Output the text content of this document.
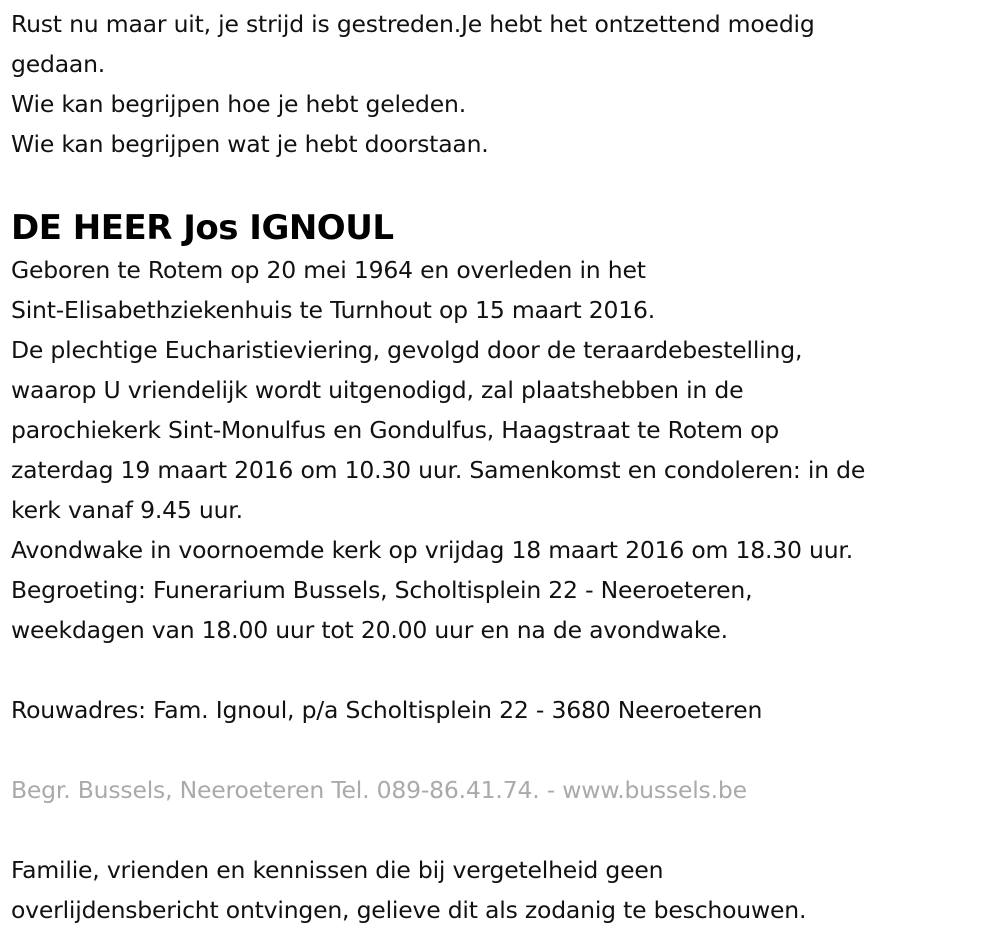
Rust nu maar uit, je strijd is gestreden.Je hebt het ontzettend moedig
gedaan.
Wie kan begrijpen hoe je hebt geleden.
Wie kan begrijpen wat je hebt doorstaan.
DE HEER Jos IGNOUL
Geboren te Rotem op 20 mei 1964 en overleden in het
Sint-Elisabethziekenhuis te Turnhout op 15 maart 2016.
De plechtige Eucharistieviering, gevolgd door de teraardebestelling,
waarop U vriendelijk wordt uitgenodigd, zal plaatshebben in de
parochiekerk Sint-Monulfus en Gondulfus, Haagstraat te Rotem op
zaterdag 19 maart 2016 om 10.30 uur. Samenkomst en condoleren: in de
kerk vanaf 9.45 uur.
Avondwake in voornoemde kerk op vrijdag 18 maart 2016 om 18.30 uur.
Begroeting: Funerarium Bussels, Scholtisplein 22 - Neeroeteren,
weekdagen van 18.00 uur tot 20.00 uur en na de avondwake.
Rouwadres: Fam. Ignoul, p/a Scholtisplein 22 - 3680 Neeroeteren
Begr. Bussels, Neeroeteren Tel. 089-86.41.74. - www.bussels.be
Familie, vrienden en kennissen die bij vergetelheid geen
overlijdensbericht ontvingen, gelieve dit als zodanig te beschouwen.
